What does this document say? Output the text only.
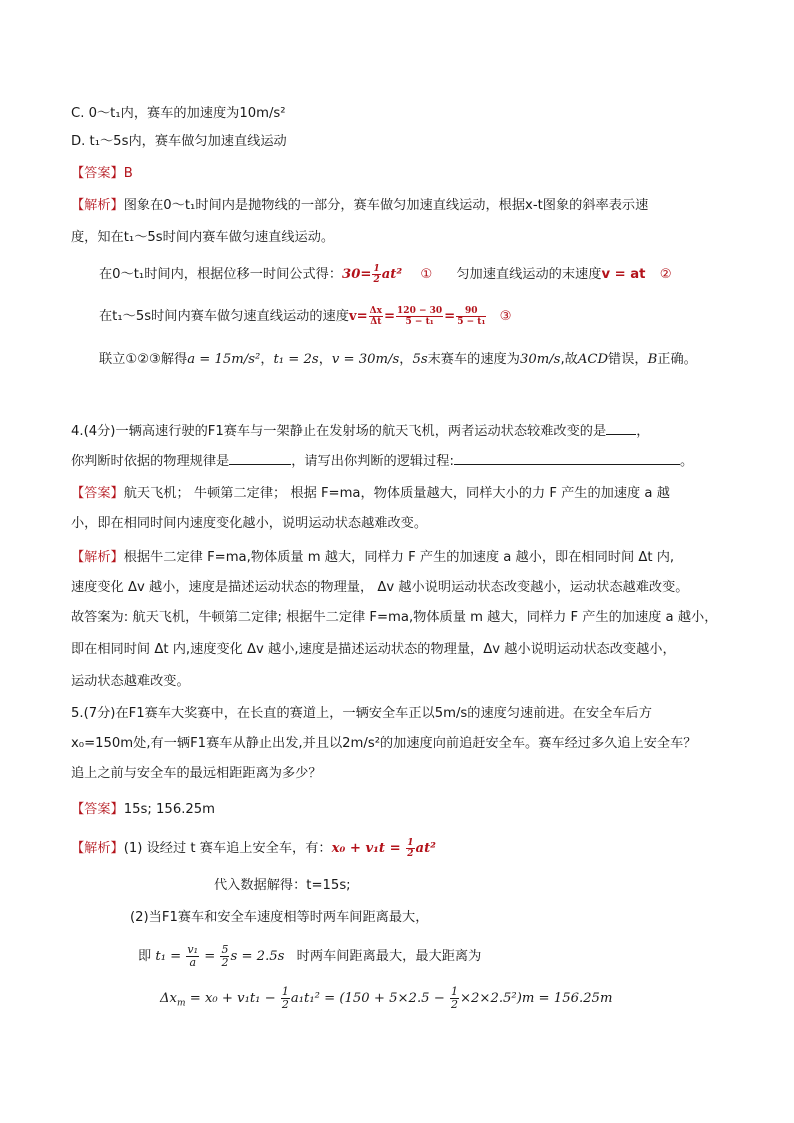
C. 0～t₁内，赛车的加速度为10m/s²
D. t₁～5s内，赛车做匀加速直线运动
【答案】B
【解析】图象在0～t₁时间内是抛物线的一部分，赛车做匀加速直线运动，根据x-t图象的斜率表示速
度，知在t₁～5s时间内赛车做匀速直线运动。
在0～t₁时间内，根据位移一时间公式得：$30= \frac{1}{2} at^2$ ① 匀加速直线运动的末速度v = at ②
在t₁～5s时间内赛车做匀速直线运动的速度$v= \frac{\Delta x}{\Delta t} = \frac{120 - 30}{\text{5 − t₁}} = \frac{90}{\text{5 − t₁}}$ ③
联立①②③解得a = 15m/s²，t₁ = 2s，v = 30m/s，5s末赛车的速度为30m/s,故ACD错误，B正确。
4.(4分)一辆高速行驶的F1赛车与一架静止在发射场的航天飞机，两者运动状态较难改变的是 ，
你判断时依据的物理规律是	，请写出你判断的逻辑过程:	。
【答案】航天飞机； 牛顿第二定律； 根据 F=ma，物体质量越大，同样大小的力 F 产生的加速度 a 越
小，即在相同时间内速度变化越小，说明运动状态越难改变。
【解析】根据牛二定律 F=ma,物体质量 m 越大，同样力 F 产生的加速度 a 越小，即在相同时间 Δt 内,
速度变化 Δv 越小，速度是描述运动状态的物理量， Δv 越小说明运动状态改变越小，运动状态越难改变。
故答案为: 航天飞机，牛顿第二定律; 根据牛二定律 F=ma,物体质量 m 越大，同样力 F 产生的加速度 a 越小，
即在相同时间 Δt 内,速度变化 Δv 越小,速度是描述运动状态的物理量，Δv 越小说明运动状态改变越小，
运动状态越难改变。
5.(7分)在F1赛车大奖赛中，在长直的赛道上，一辆安全车正以5m/s的速度匀速前进。在安全车后方
x₀=150m处,有一辆F1赛车从静止出发,并且以2m/s²的加速度向前追赶安全车。赛车经过多久追上安全车？
追上之前与安全车的最远相距距离为多少？
【答案】15s; 156.25m
【解析】(1) 设经过 t 赛车追上安全车，有：$x_0 + v_1t = \frac{1}{2} at^2$
代入数据解得：t=15s;
(2)当F1赛车和安全车速度相等时两车间距离最大，
即 $t_1 = \frac{\text{v₁}}{a} = \frac{5}{2}$ s = 2.5s 时两车间距离最大，最大距离为
$\Delta x_m = x_0 + v_1t_1 - \frac{1}{2} a_1t_1^2 = (150 + 5\times 2.5 - \frac{1}{2} \times 2\times 2.5^2)m = 156.25m$
